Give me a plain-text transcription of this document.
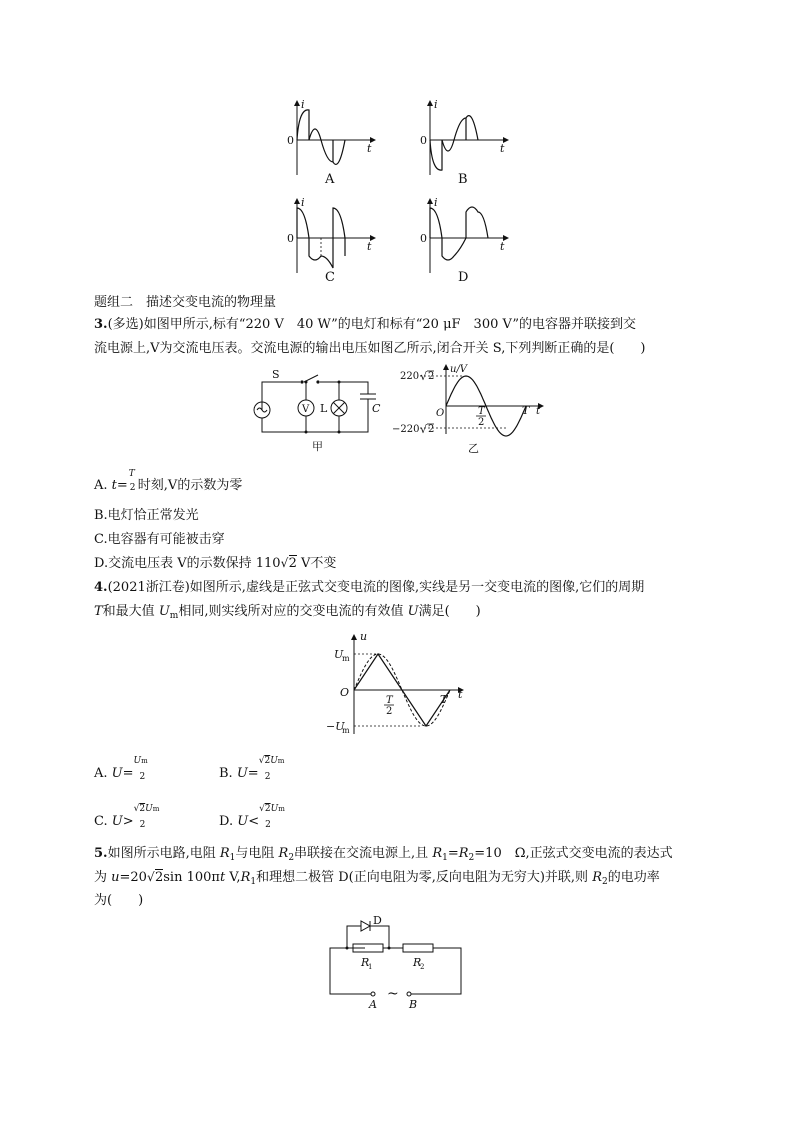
i
t
0
A
i
t
0
B
i
t
0
C
i
t
0
D
题组二　描述交变电流的物理量
3.(多选)如图甲所示,标有“220 V　40 W”的电灯和标有“20 μF　300 V”的电容器并联接到交
流电源上,V为交流电压表。交流电源的输出电压如图乙所示,闭合开关 S,下列判断正确的是(　　)
S
V L	C
甲
u/V
220 √ 2
−220 √ 2
O	T
2
T t
乙
A. t=
T
2 时刻,V的示数为零
B.电灯恰正常发光
C.电容器有可能被击穿
D.交流电压表 V的示数保持 110 √ 2 V不变
4.(2021浙江卷)如图所示,虚线是正弦式交变电流的图像,实线是另一交变电流的图像,它们的周期
T和最大值 $U_m$相同,则实线所对应的交变电流的有效值 U满足(　　)
u
U
m
−U
m
O
T
2
T t
A. U=
Um
2	B. U=
√2Um
2
C. U>
√2Um
2	D. U<
√2Um
2
5.如图所示电路,电阻 $R_1$与电阻 $R_2$串联接在交流电源上,且 $R_1=R_2=10$　Ω,正弦式交变电流的表达式
为 u=20 √ 2sin 100πt $V,R_1$和理想二极管 D(正向电阻为零,反向电阻为无穷大)并联,则 $R_2$的电功率
为(　　)
D
R
1	R
2
A
~
B
